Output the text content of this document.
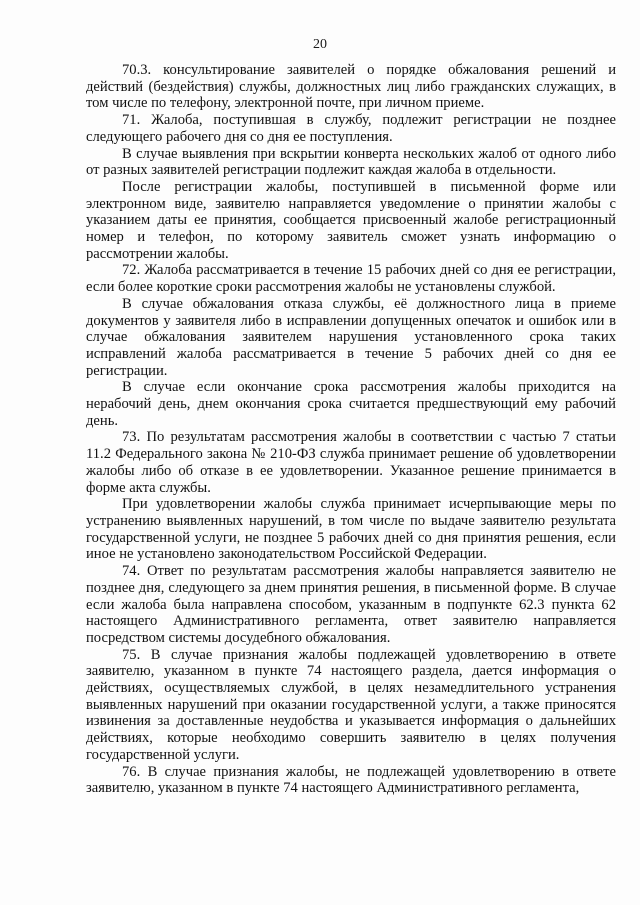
20

70.3. консультирование заявителей о порядке обжалования решений и действий (бездействия) службы, должностных лиц либо гражданских служащих, в том числе по телефону, электронной почте, при личном приеме.

71. Жалоба, поступившая в службу, подлежит регистрации не позднее следующего рабочего дня со дня ее поступления.

В случае выявления при вскрытии конверта нескольких жалоб от одного либо от разных заявителей регистрации подлежит каждая жалоба в отдельности.

После регистрации жалобы, поступившей в письменной форме или электронном виде, заявителю направляется уведомление о принятии жалобы с указанием даты ее принятия, сообщается присвоенный жалобе регистрационный номер и телефон, по которому заявитель сможет узнать информацию о рассмотрении жалобы.

72. Жалоба рассматривается в течение 15 рабочих дней со дня ее регистрации, если более короткие сроки рассмотрения жалобы не установлены службой.

В случае обжалования отказа службы, её должностного лица в приеме документов у заявителя либо в исправлении допущенных опечаток и ошибок или в случае обжалования заявителем нарушения установленного срока таких исправлений жалоба рассматривается в течение 5 рабочих дней со дня ее регистрации.

В случае если окончание срока рассмотрения жалобы приходится на нерабочий день, днем окончания срока считается предшествующий ему рабочий день.

73. По результатам рассмотрения жалобы в соответствии с частью 7 статьи 11.2 Федерального закона № 210-ФЗ служба принимает решение об удовлетворении жалобы либо об отказе в ее удовлетворении. Указанное решение принимается в форме акта службы.

При удовлетворении жалобы служба принимает исчерпывающие меры по устранению выявленных нарушений, в том числе по выдаче заявителю результата государственной услуги, не позднее 5 рабочих дней со дня принятия решения, если иное не установлено законодательством Российской Федерации.

74. Ответ по результатам рассмотрения жалобы направляется заявителю не позднее дня, следующего за днем принятия решения, в письменной форме. В случае если жалоба была направлена способом, указанным в подпункте 62.3 пункта 62 настоящего Административного регламента, ответ заявителю направляется посредством системы досудебного обжалования.

75. В случае признания жалобы подлежащей удовлетворению в ответе заявителю, указанном в пункте 74 настоящего раздела, дается информация о действиях, осуществляемых службой, в целях незамедлительного устранения выявленных нарушений при оказании государственной услуги, а также приносятся извинения за доставленные неудобства и указывается информация о дальнейших действиях, которые необходимо совершить заявителю в целях получения государственной услуги.

76. В случае признания жалобы, не подлежащей удовлетворению в ответе заявителю, указанном в пункте 74 настоящего Административного регламента,
